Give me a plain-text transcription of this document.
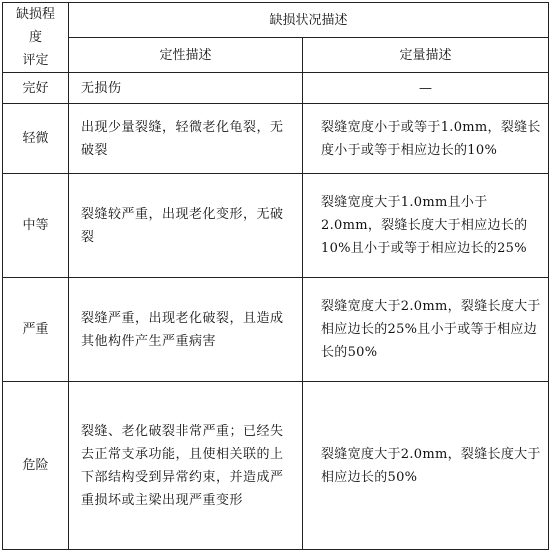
缺损程度
评定	缺损状况描述	
	定性描述	定量描述
完好	无损伤	—
轻微	出现少量裂缝，轻微老化龟裂，无破裂	裂缝宽度小于或等于1.0mm，裂缝长度小于或等于相应边长的10%
中等	裂缝较严重，出现老化变形，无破裂	裂缝宽度大于1.0mm且小于2.0mm，裂缝长度大于相应边长的10%且小于或等于相应边长的25%
严重	裂缝严重，出现老化破裂，且造成其他构件产生严重病害	裂缝宽度大于2.0mm，裂缝长度大于相应边长的25%且小于或等于相应边长的50%
危险	裂缝、老化破裂非常严重；已经失去正常支承功能，且使相关联的上下部结构受到异常约束，并造成严重损坏或主梁出现严重变形	裂缝宽度大于2.0mm，裂缝长度大于相应边长的50%
